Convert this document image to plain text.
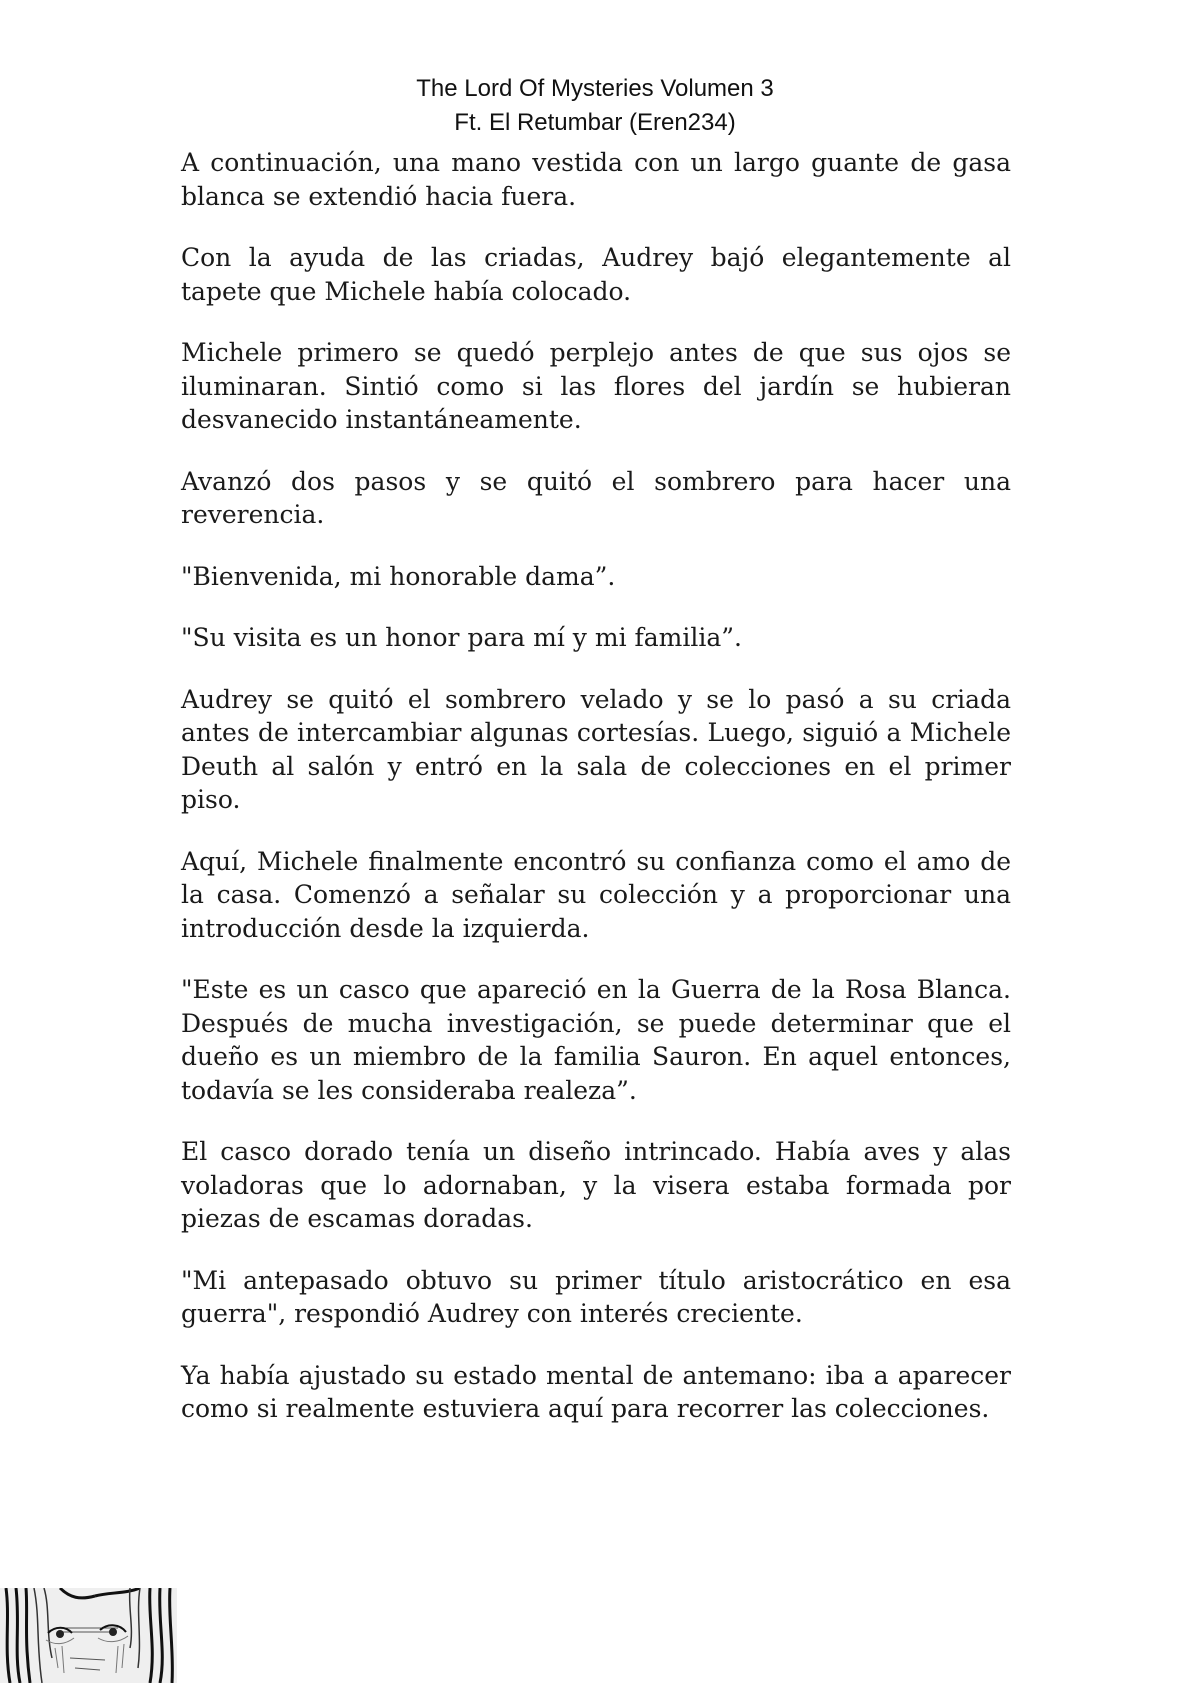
The Lord Of Mysteries Volumen 3
Ft. El Retumbar (Eren234)

A continuación, una mano vestida con un largo guante de gasa blanca se extendió hacia fuera.

Con la ayuda de las criadas, Audrey bajó elegantemente al tapete que Michele había colocado.

Michele primero se quedó perplejo antes de que sus ojos se iluminaran. Sintió como si las flores del jardín se hubieran desvanecido instantáneamente.

Avanzó dos pasos y se quitó el sombrero para hacer una reverencia.

"Bienvenida, mi honorable dama”.

"Su visita es un honor para mí y mi familia”.

Audrey se quitó el sombrero velado y se lo pasó a su criada antes de intercambiar algunas cortesías. Luego, siguió a Michele Deuth al salón y entró en la sala de colecciones en el primer piso.

Aquí, Michele finalmente encontró su confianza como el amo de la casa. Comenzó a señalar su colección y a proporcionar una introducción desde la izquierda.

"Este es un casco que apareció en la Guerra de la Rosa Blanca. Después de mucha investigación, se puede determinar que el dueño es un miembro de la familia Sauron. En aquel entonces, todavía se les consideraba realeza”.

El casco dorado tenía un diseño intrincado. Había aves y alas voladoras que lo adornaban, y la visera estaba formada por piezas de escamas doradas.

"Mi antepasado obtuvo su primer título aristocrático en esa guerra", respondió Audrey con interés creciente.

Ya había ajustado su estado mental de antemano: iba a aparecer como si realmente estuviera aquí para recorrer las colecciones.
